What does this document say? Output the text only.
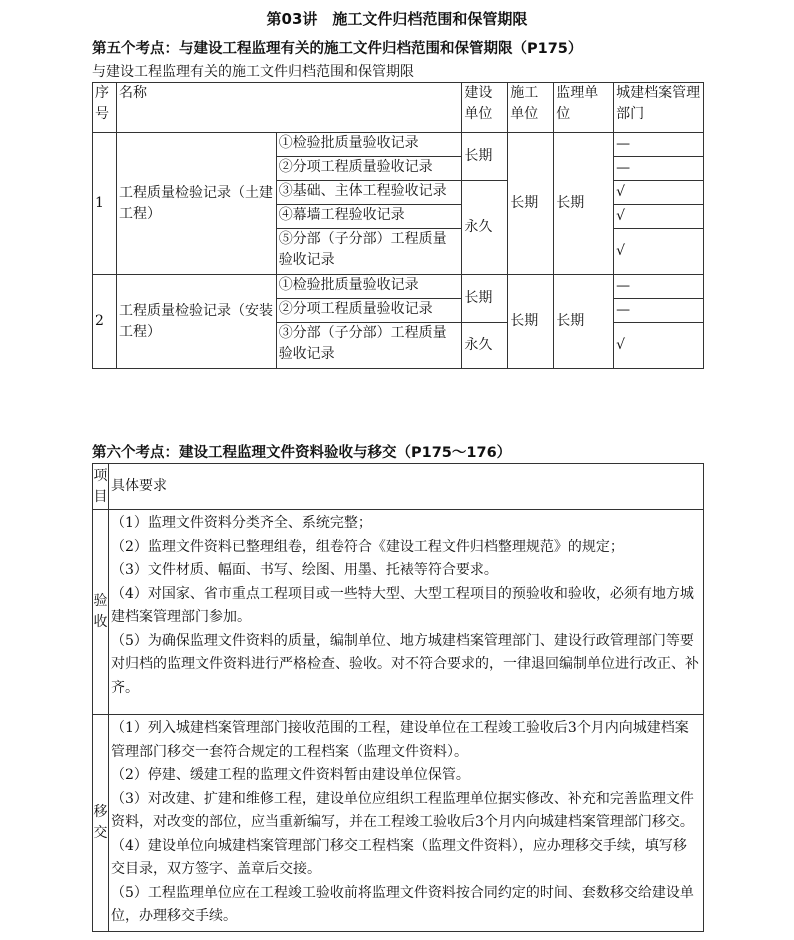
第03讲　施工文件归档范围和保管期限
第五个考点：与建设工程监理有关的施工文件归档范围和保管期限（P175）
与建设工程监理有关的施工文件归档范围和保管期限
序号	名称		建设单位	施工单位	监理单位	城建档案管理部门
1	工程质量检验记录（土建工程）	①检验批质量验收记录	长期	长期	长期	—
		②分项工程质量验收记录				—
		③基础、主体工程验收记录	永久			√
		④幕墙工程验收记录				√
		⑤分部（子分部）工程质量验收记录				√
2	工程质量检验记录（安装工程）	①检验批质量验收记录	长期	长期	长期	—
		②分项工程质量验收记录				—
		③分部（子分部）工程质量验收记录	永久			√
第六个考点：建设工程监理文件资料验收与移交（P175～176）
项目	具体要求
验收	（1）监理文件资料分类齐全、系统完整；

（2）监理文件资料已整理组卷，组卷符合《建设工程文件归档整理规范》的规定；

（3）文件材质、幅面、书写、绘图、用墨、托裱等符合要求。

（4）对国家、省市重点工程项目或一些特大型、大型工程项目的预验收和验收，必须有地方城建档案管理部门参加。

（5）为确保监理文件资料的质量，编制单位、地方城建档案管理部门、建设行政管理部门等要对归档的监理文件资料进行严格检查、验收。对不符合要求的，一律退回编制单位进行改正、补齐。

移交	（1）列入城建档案管理部门接收范围的工程，建设单位在工程竣工验收后3个月内向城建档案管理部门移交一套符合规定的工程档案（监理文件资料）。

（2）停建、缓建工程的监理文件资料暂由建设单位保管。

（3）对改建、扩建和维修工程，建设单位应组织工程监理单位据实修改、补充和完善监理文件资料，对改变的部位，应当重新编写，并在工程竣工验收后3个月内向城建档案管理部门移交。

（4）建设单位向城建档案管理部门移交工程档案（监理文件资料），应办理移交手续，填写移交目录，双方签字、盖章后交接。

（5）工程监理单位应在工程竣工验收前将监理文件资料按合同约定的时间、套数移交给建设单位，办理移交手续。
